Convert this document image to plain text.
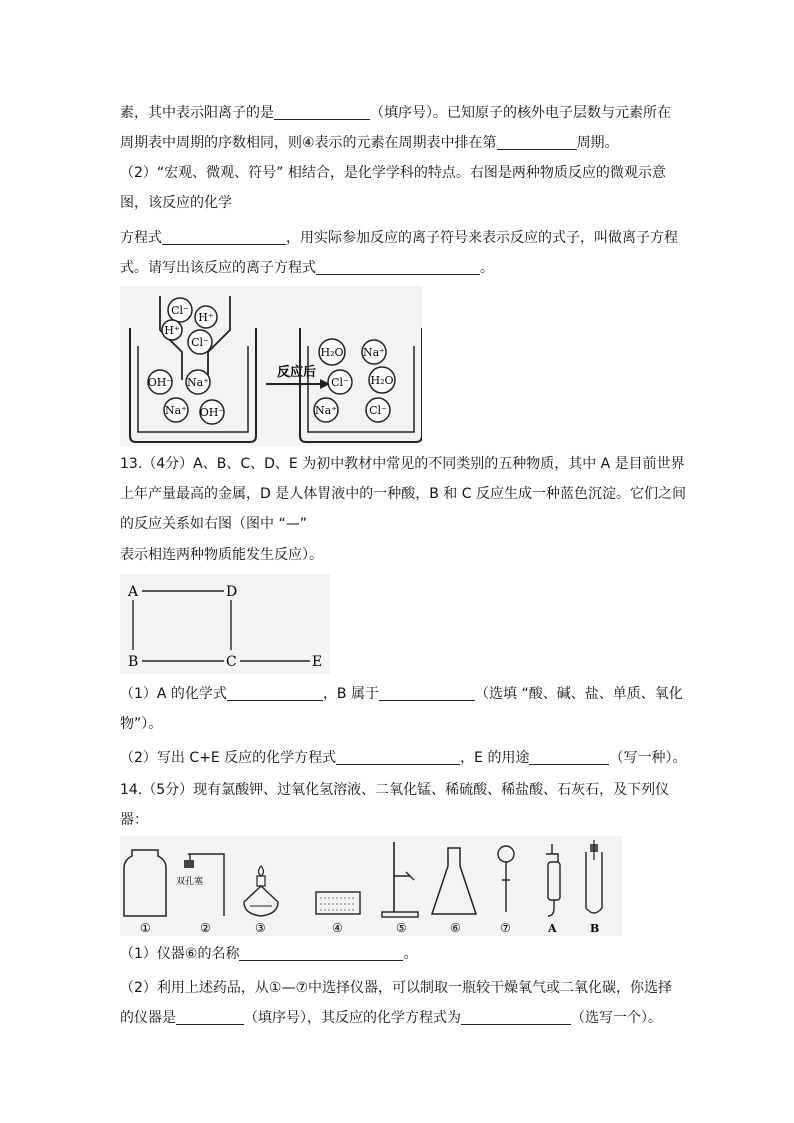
素，其中表示阳离子的是	（填序号）。已知原子的核外电子层数与元素所在
周期表中周期的序数相同，则④表示的元素在周期表中排在第	周期。
（2）“宏观、微观、符号” 相结合，是化学学科的特点。右图是两种物质反应的微观示意
图，该反应的化学
方程式	，用实际参加反应的离子符号来表示反应的式子，叫做离子方程
式。请写出该反应的离子方程式	。
Cl⁻
H⁺
H⁺
Cl⁻
OH⁻ Na⁺
Na⁺ OH⁻
反应后
H₂O Na⁺
Cl⁻ H₂O
Na⁺	Cl⁻
13.（4分）A、B、C、D、E 为初中教材中常见的不同类别的五种物质，其中 A 是目前世界
上年产量最高的金属，D 是人体胃液中的一种酸，B 和 C 反应生成一种蓝色沉淀。它们之间
的反应关系如右图（图中 “—”
表示相连两种物质能发生反应）。
A	D
B	C	E
（1）A 的化学式	，B 属于	（选填 “酸、碱、盐、单质、氧化
物”）。
（2）写出 C+E 反应的化学方程式	，E 的用途	（写一种）。
14.（5分）现有氯酸钾、过氧化氢溶液、二氧化锰、稀硫酸、稀盐酸、石灰石，及下列仪
器：
双孔塞
①	②	③	④	⑤	⑥	⑦	A	B
（1）仪器⑥的名称	。
（2）利用上述药品，从①—⑦中选择仪器，可以制取一瓶较干燥氧气或二氧化碳，你选择
的仪器是	（填序号），其反应的化学方程式为	（选写一个）。
